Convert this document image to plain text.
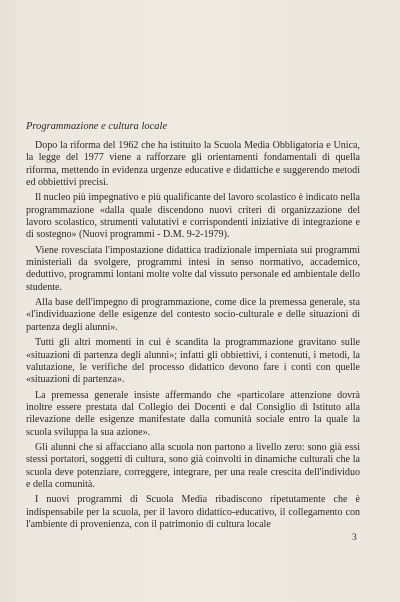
Programmazione e cultura locale

Dopo la riforma del 1962 che ha istituito la Scuola Media Obbligatoria e Unica, la legge del 1977 viene a rafforzare gli orientamenti fondamentali di quella riforma, mettendo in evidenza urgenze educative e didattiche e suggerendo metodi ed obbiettivi precisi.

Il nucleo più impegnativo e più qualificante del lavoro scolastico è indicato nella programmazione «dalla quale discendono nuovi criteri di organizzazione del lavoro scolastico, strumenti valutativi e corrispondenti iniziative di integrazione e di sostegno» (Nuovi programmi - D.M. 9-2-1979).

Viene rovesciata l'impostazione didattica tradizionale imperniata sui programmi ministeriali da svolgere, programmi intesi in senso normativo, accademico, deduttivo, programmi lontani molte volte dal vissuto personale ed ambientale dello studente.

Alla base dell'impegno di programmazione, come dice la premessa generale, sta «l'individuazione delle esigenze del contesto socio-culturale e delle situazioni di partenza degli alunni».

Tutti gli altri momenti in cui è scandita la programmazione gravitano sulle «situazioni di partenza degli alunni»; infatti gli obbiettivi, i contenuti, i metodi, la valutazione, le verifiche del processo didattico devono fare i conti con quelle «situazioni di partenza».

La premessa generale insiste affermando che «particolare attenzione dovrà inoltre essere prestata dal Collegio dei Docenti e dal Consiglio di Istituto alla rilevazione delle esigenze manifestate dalla comunità sociale entro la quale la scuola sviluppa la sua azione».

Gli alunni che si affacciano alla scuola non partono a livello zero: sono già essi stessi portatori, soggetti di cultura, sono già coinvolti in dinamiche culturali che la scuola deve potenziare, correggere, integrare, per una reale crescita dell'individuo e della comunità.

I nuovi programmi di Scuola Media ribadiscono ripetutamente che è indispensabile per la scuola, per il lavoro didattico-educativo, il collegamento con l'ambiente di provenienza, con il patrimonio di cultura locale

3
